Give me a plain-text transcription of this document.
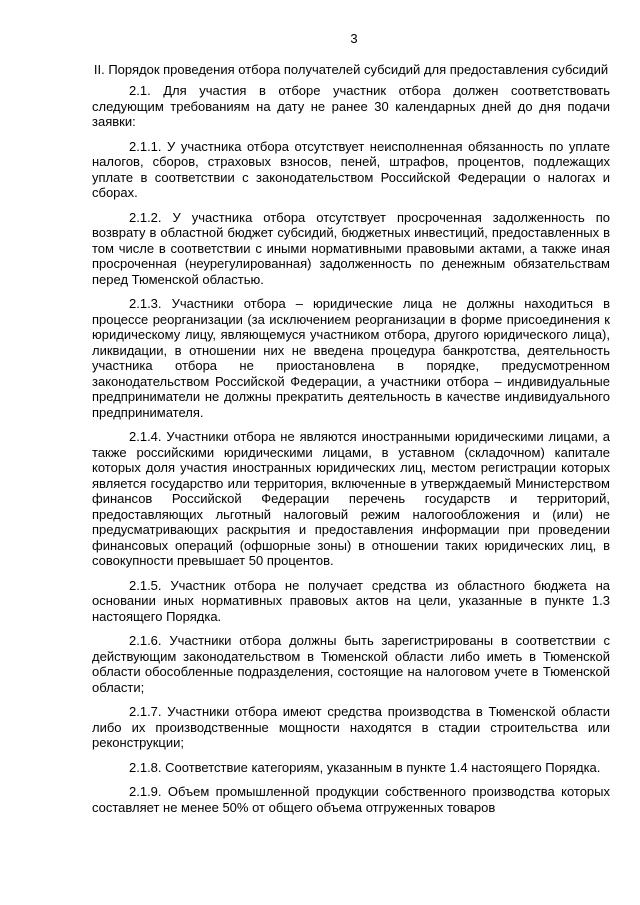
3
II. Порядок проведения отбора получателей субсидий для предоставления субсидий

2.1. Для участия в отборе участник отбора должен соответствовать следующим требованиям на дату не ранее 30 календарных дней до дня подачи заявки:

2.1.1. У участника отбора отсутствует неисполненная обязанность по уплате налогов, сборов, страховых взносов, пеней, штрафов, процентов, подлежащих уплате в соответствии с законодательством Российской Федерации о налогах и сборах.

2.1.2. У участника отбора отсутствует просроченная задолженность по возврату в областной бюджет субсидий, бюджетных инвестиций, предоставленных в том числе в соответствии с иными нормативными правовыми актами, а также иная просроченная (неурегулированная) задолженность по денежным обязательствам перед Тюменской областью.

2.1.3. Участники отбора – юридические лица не должны находиться в процессе реорганизации (за исключением реорганизации в форме присоединения к юридическому лицу, являющемуся участником отбора, другого юридического лица), ликвидации, в отношении них не введена процедура банкротства, деятельность участника отбора не приостановлена в порядке, предусмотренном законодательством Российской Федерации, а участники отбора – индивидуальные предприниматели не должны прекратить деятельность в качестве индивидуального предпринимателя.

2.1.4. Участники отбора не являются иностранными юридическими лицами, а также российскими юридическими лицами, в уставном (складочном) капитале которых доля участия иностранных юридических лиц, местом регистрации которых является государство или территория, включенные в утверждаемый Министерством финансов Российской Федерации перечень государств и территорий, предоставляющих льготный налоговый режим налогообложения и (или) не предусматривающих раскрытия и предоставления информации при проведении финансовых операций (офшорные зоны) в отношении таких юридических лиц, в совокупности превышает 50 процентов.

2.1.5. Участник отбора не получает средства из областного бюджета на основании иных нормативных правовых актов на цели, указанные в пункте 1.3 настоящего Порядка.

2.1.6. Участники отбора должны быть зарегистрированы в соответствии с действующим законодательством в Тюменской области либо иметь в Тюменской области обособленные подразделения, состоящие на налоговом учете в Тюменской области;

2.1.7. Участники отбора имеют средства производства в Тюменской области либо их производственные мощности находятся в стадии строительства или реконструкции;

2.1.8. Соответствие категориям, указанным в пункте 1.4 настоящего Порядка.

2.1.9. Объем промышленной продукции собственного производства которых составляет не менее 50% от общего объема отгруженных товаров
